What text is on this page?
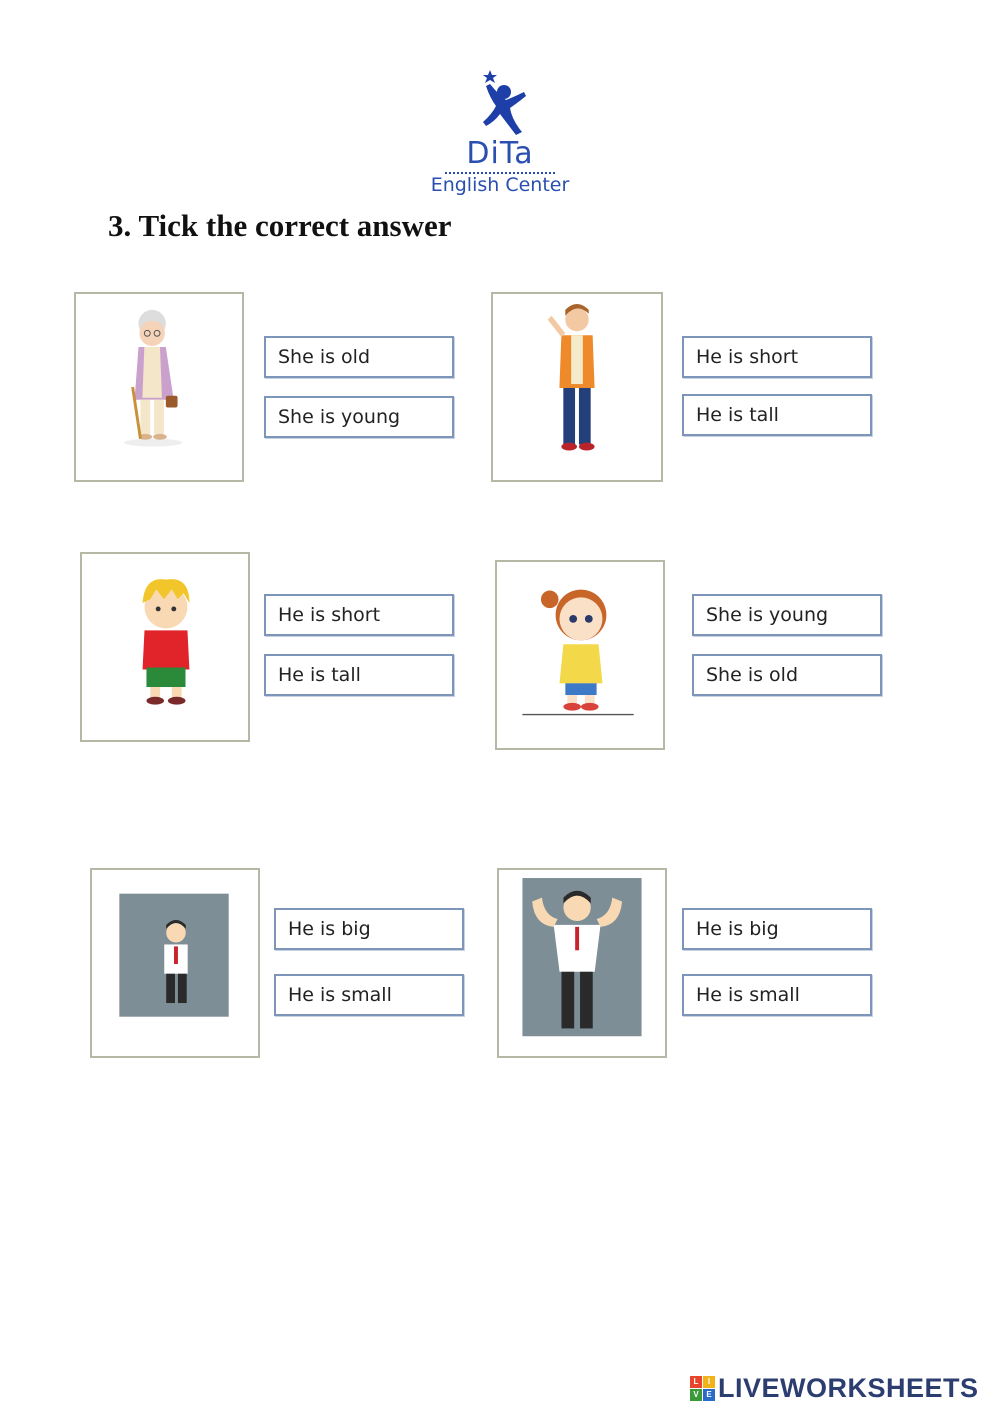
DiTa
English Center
3. Tick the correct answer
She is old
She is young
He is short
He is tall
He is short
He is tall
She is young
She is old
He is big
He is small
He is big
He is small
L	I
V E LIVEWORKSHEETS
